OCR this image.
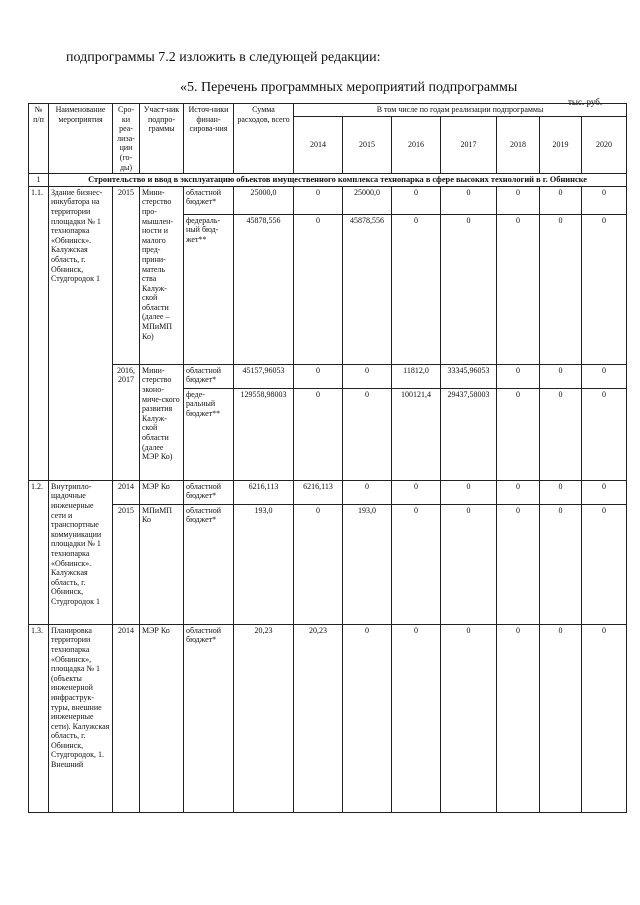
подпрограммы 7.2 изложить в следующей редакции:
«5. Перечень программных мероприятий подпрограммы
тыс. руб.
№ п/п	Наименование мероприятия	Сро-ки реа-лиза-ции (го-ды)	Участ-ник подпро-граммы	Источ-ники финан-сирова-ния	Сумма расходов, всего	В том числе по годам реализации подпрограммы						
						2014	2015	2016	2017	2018	2019	2020
1	Строительство и ввод в эксплуатацию объектов имущественного комплекса технопарка в сфере высоких технологий в г. Обнинске											
1.1.	Здание бизнес-инкубатора на территории площадки № 1 технопарка «Обнинск». Калужская область, г. Обнинск, Студгородок 1	2015	Мини-стерство про-мышлен-ности и малого пред-прини-матель ства Калуж-ской области (далее – МПиМП Ко)	областной бюджет*	25000,0	0	25000,0	0	0	0	0	0
				федераль-ный бюд-жет**	45878,556	0	45878,556	0	0	0	0	0
		2016, 2017	Мини-стерство эконо-миче-ского развития Калуж-ской области (далее МЭР Ко)	областной бюджет*	45157,96053	0	0	11812,0	33345,96053	0	0	0
				феде-ральный бюджет**	129558,98003	0	0	100121,4	29437,58003	0	0	0
1.2.	Внутрипло-щадочные инженерные сети и транспортные коммуникации площадки № 1 технопарка «Обнинск». Калужская область, г. Обнинск, Студгородок 1	2014	МЭР Ко	областной бюджет*	6216,113	6216,113	0	0	0	0	0	0
		2015	МПиМП Ко	областной бюджет*	193,0	0	193,0	0	0	0	0	0
1.3.	Планировка территории технопарка «Обнинск», площадка № 1 (объекты инженерной инфраструк-туры, внешние инженерные сети). Калужская область, г. Обнинск, Студгородок, 1. Внешний	2014	МЭР Ко	областной бюджет*	20,23	20,23	0	0	0	0	0	0
